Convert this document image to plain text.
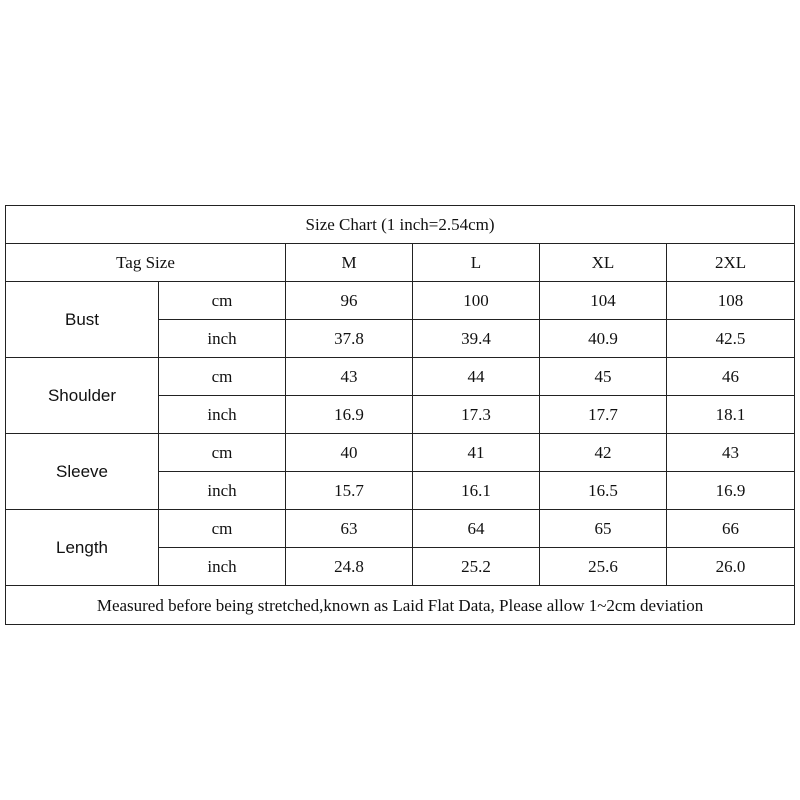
Size Chart (1 inch=2.54cm)					
Tag Size		M	L	XL	2XL
Bust	cm	96	100	104	108
	inch	37.8	39.4	40.9	42.5
Shoulder	cm	43	44	45	46
	inch	16.9	17.3	17.7	18.1
Sleeve	cm	40	41	42	43
	inch	15.7	16.1	16.5	16.9
Length	cm	63	64	65	66
	inch	24.8	25.2	25.6	26.0
Measured before being stretched,known as Laid Flat Data, Please allow 1~2cm deviation					
